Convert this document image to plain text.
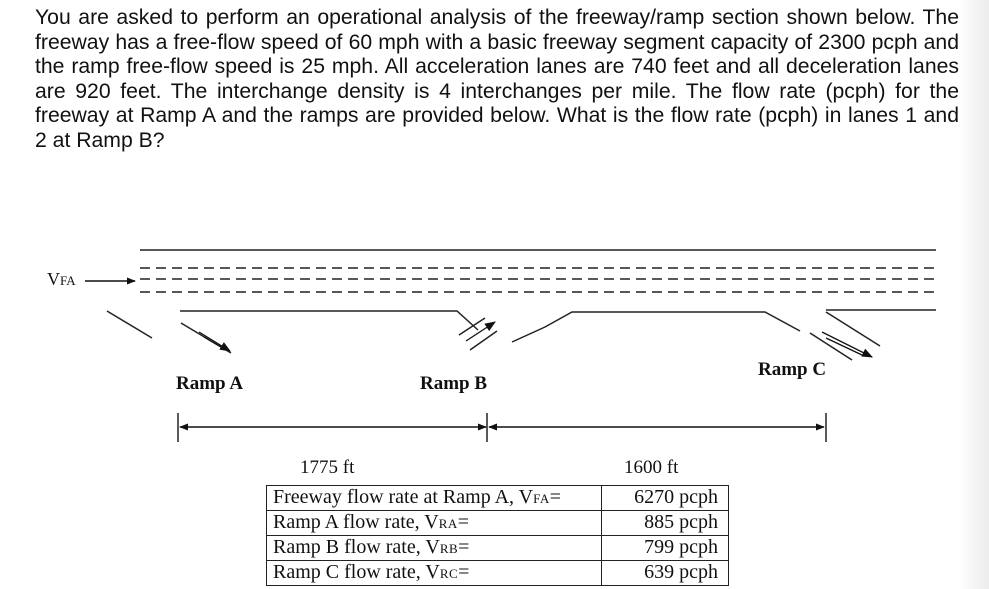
You are asked to perform an operational analysis of the freeway/ramp section shown below. The freeway has a free-flow speed of 60 mph with a basic freeway segment capacity of 2300 pcph and the ramp free-flow speed is 25 mph. All acceleration lanes are 740 feet and all deceleration lanes are 920 feet. The interchange density is 4 interchanges per mile. The flow rate (pcph) for the freeway at Ramp A and the ramps are provided below. What is the flow rate (pcph) in lanes 1 and 2 at Ramp B?

VFA
Ramp A	Ramp B
Ramp C
1775 ft	1600 ft
Freeway flow rate at Ramp A, VFA=	6270 pcph
Ramp A flow rate, VRA=	885 pcph
Ramp B flow rate, VRB=	799 pcph
Ramp C flow rate, VRC=	639 pcph
